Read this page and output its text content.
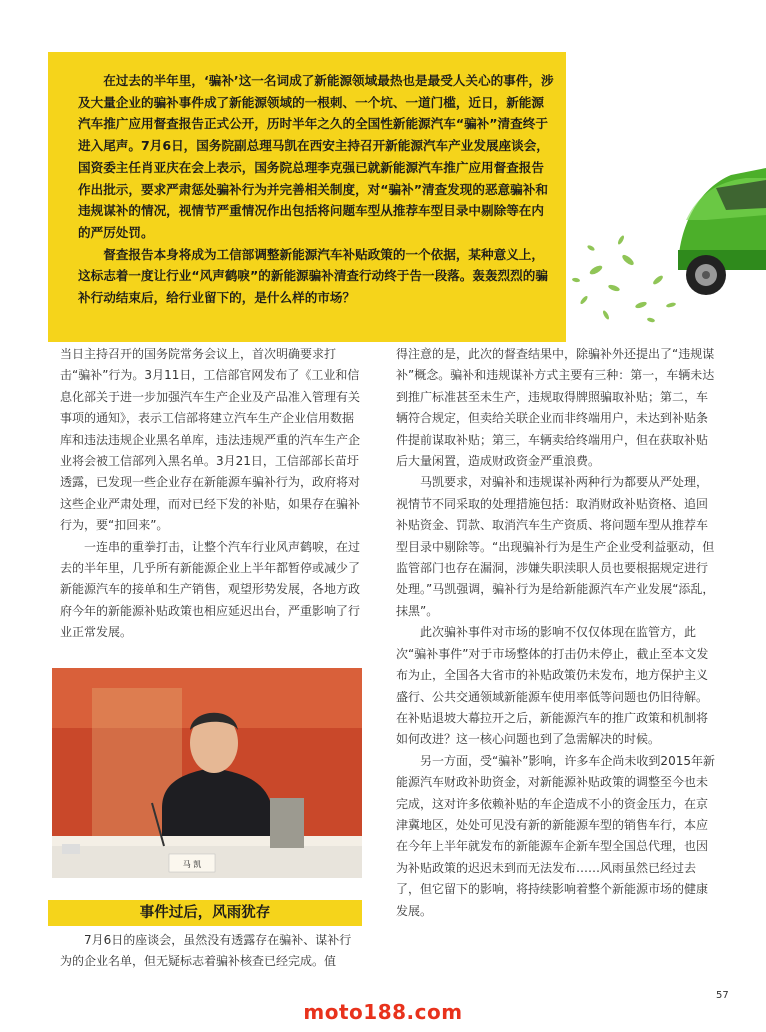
在过去的半年里，‘骗补’这一名词成了新能源领域最热也是最受人关心的事件，涉及大量企业的骗补事件成了新能源领域的一根刺、一个坑、一道门槛，近日，新能源汽车推广应用督查报告正式公开，历时半年之久的全国性新能源汽车“骗补”清查终于进入尾声。7月6日，国务院副总理马凯在西安主持召开新能源汽车产业发展座谈会，国资委主任肖亚庆在会上表示，国务院总理李克强已就新能源汽车推广应用督查报告作出批示，要求严肃惩处骗补行为并完善相关制度，对“骗补”清查发现的恶意骗补和违规谋补的情况，视情节严重情况作出包括将问题车型从推荐车型目录中剔除等在内的严厉处罚。

督查报告本身将成为工信部调整新能源汽车补贴政策的一个依据，某种意义上，这标志着一度让行业“风声鹤唳”的新能源骗补清查行动终于告一段落。轰轰烈烈的骗补行动结束后，给行业留下的，是什么样的市场？

当日主持召开的国务院常务会议上，首次明确要求打击“骗补”行为。3月11日，工信部官网发布了《工业和信息化部关于进一步加强汽车生产企业及产品准入管理有关事项的通知》，表示工信部将建立汽车生产企业信用数据库和违法违规企业黑名单库，违法违规严重的汽车生产企业将会被工信部列入黑名单。3月21日，工信部部长苗圩透露，已发现一些企业存在新能源车骗补行为，政府将对这些企业严肃处理，而对已经下发的补贴，如果存在骗补行为，要“扣回来”。

一连串的重拳打击，让整个汽车行业风声鹤唳，在过去的半年里，几乎所有新能源企业上半年都暂停或减少了新能源汽车的接单和生产销售，观望形势发展，各地方政府今年的新能源补贴政策也相应延迟出台，严重影响了行业正常发展。

马 凯
事件过后，风雨犹存

7月6日的座谈会，虽然没有透露存在骗补、谋补行为的企业名单，但无疑标志着骗补核查已经完成。值

得注意的是，此次的督查结果中，除骗补外还提出了“违规谋补”概念。骗补和违规谋补方式主要有三种：第一，车辆未达到推广标准甚至未生产，违规取得牌照骗取补贴；第二，车辆符合规定，但卖给关联企业而非终端用户，未达到补贴条件提前谋取补贴；第三，车辆卖给终端用户，但在获取补贴后大量闲置，造成财政资金严重浪费。

马凯要求，对骗补和违规谋补两种行为都要从严处理，视情节不同采取的处理措施包括：取消财政补贴资格、追回补贴资金、罚款、取消汽车生产资质、将问题车型从推荐车型目录中剔除等。“出现骗补行为是生产企业受利益驱动，但监管部门也存在漏洞，涉嫌失职渎职人员也要根据规定进行处理。”马凯强调，骗补行为是给新能源汽车产业发展“添乱，抹黑”。

此次骗补事件对市场的影响不仅仅体现在监管方，此次“骗补事件”对于市场整体的打击仍未停止，截止至本文发布为止，全国各大省市的补贴政策仍未发布，地方保护主义盛行、公共交通领域新能源车使用率低等问题也仍旧待解。在补贴退坡大幕拉开之后，新能源汽车的推广政策和机制将如何改进？这一核心问题也到了急需解决的时候。

另一方面，受“骗补”影响，许多车企尚未收到2015年新能源汽车财政补助资金，对新能源补贴政策的调整至今也未完成，这对许多依赖补贴的车企造成不小的资金压力，在京津冀地区，处处可见没有新的新能源车型的销售车行，本应在今年上半年就发布的新能源车企新车型全国总代理，也因为补贴政策的迟迟未到而无法发布……风雨虽然已经过去了，但它留下的影响，将持续影响着整个新能源市场的健康发展。

57
moto188.com
